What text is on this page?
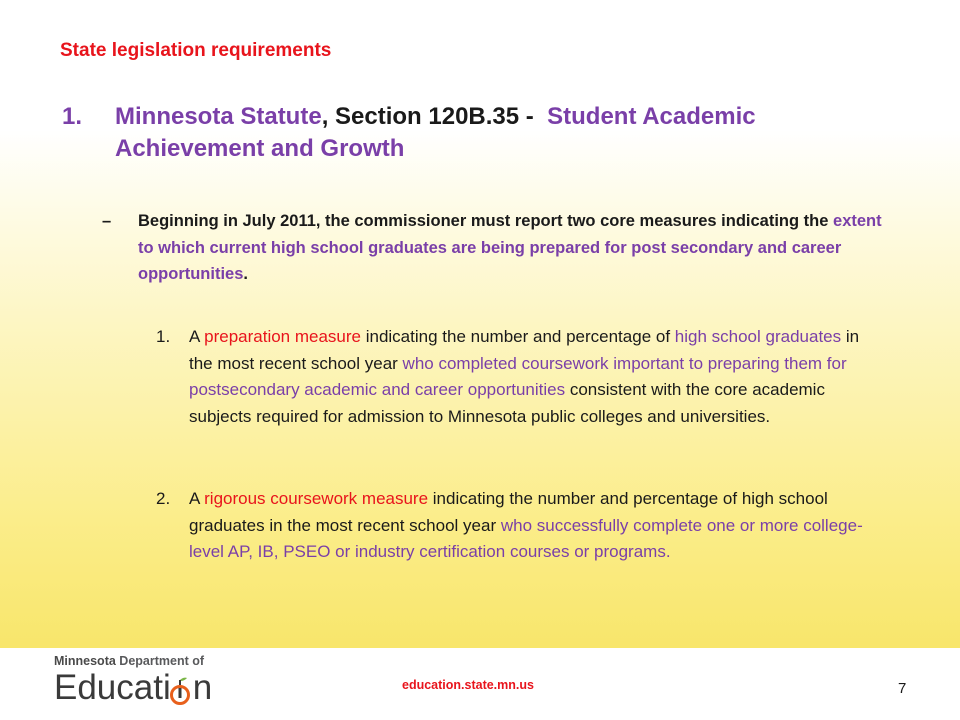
State legislation requirements
1. Minnesota Statute, Section 120B.35 - Student Academic Achievement and Growth
– Beginning in July 2011, the commissioner must report two core measures indicating the extent to which current high school graduates are being prepared for post secondary and career opportunities.
1. A preparation measure indicating the number and percentage of high school graduates in the most recent school year who completed coursework important to preparing them for postsecondary academic and career opportunities consistent with the core academic subjects required for admission to Minnesota public colleges and universities.
2. A rigorous coursework measure indicating the number and percentage of high school graduates in the most recent school year who successfully complete one or more college-level AP, IB, PSEO or industry certification courses or programs.
Minnesota Department of
Educati n	education.state.mn.us	7
